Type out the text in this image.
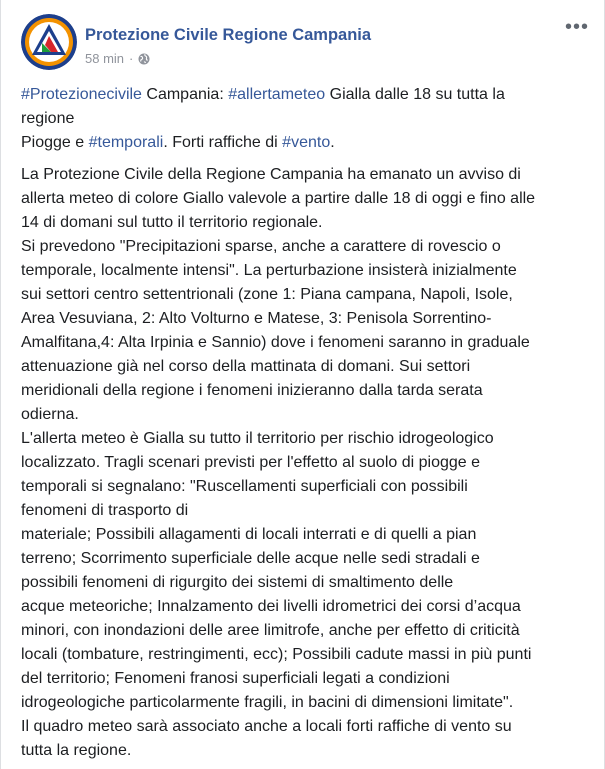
Protezione Civile Regione Campania
58 min ·
•••

#Protezionecivile Campania: #allertameteo Gialla dalle 18 su tutta la
regione
Piogge e #temporali. Forti raffiche di #vento.

La Protezione Civile della Regione Campania ha emanato un avviso di
allerta meteo di colore Giallo valevole a partire dalle 18 di oggi e fino alle
14 di domani sul tutto il territorio regionale.
Si prevedono "Precipitazioni sparse, anche a carattere di rovescio o
temporale, localmente intensi". La perturbazione insisterà inizialmente
sui settori centro settentrionali (zone 1: Piana campana, Napoli, Isole,
Area Vesuviana, 2: Alto Volturno e Matese, 3: Penisola Sorrentino-
Amalfitana,4: Alta Irpinia e Sannio) dove i fenomeni saranno in graduale
attenuazione già nel corso della mattinata di domani. Sui settori
meridionali della regione i fenomeni inizieranno dalla tarda serata
odierna.
L'allerta meteo è Gialla su tutto il territorio per rischio idrogeologico
localizzato. Tragli scenari previsti per l'effetto al suolo di piogge e
temporali si segnalano: "Ruscellamenti superficiali con possibili
fenomeni di trasporto di
materiale; Possibili allagamenti di locali interrati e di quelli a pian
terreno; Scorrimento superficiale delle acque nelle sedi stradali e
possibili fenomeni di rigurgito dei sistemi di smaltimento delle
acque meteoriche; Innalzamento dei livelli idrometrici dei corsi d’acqua
minori, con inondazioni delle aree limitrofe, anche per effetto di criticità
locali (tombature, restringimenti, ecc); Possibili cadute massi in più punti
del territorio; Fenomeni franosi superficiali legati a condizioni
idrogeologiche particolarmente fragili, in bacini di dimensioni limitate".
Il quadro meteo sarà associato anche a locali forti raffiche di vento su
tutta la regione.
